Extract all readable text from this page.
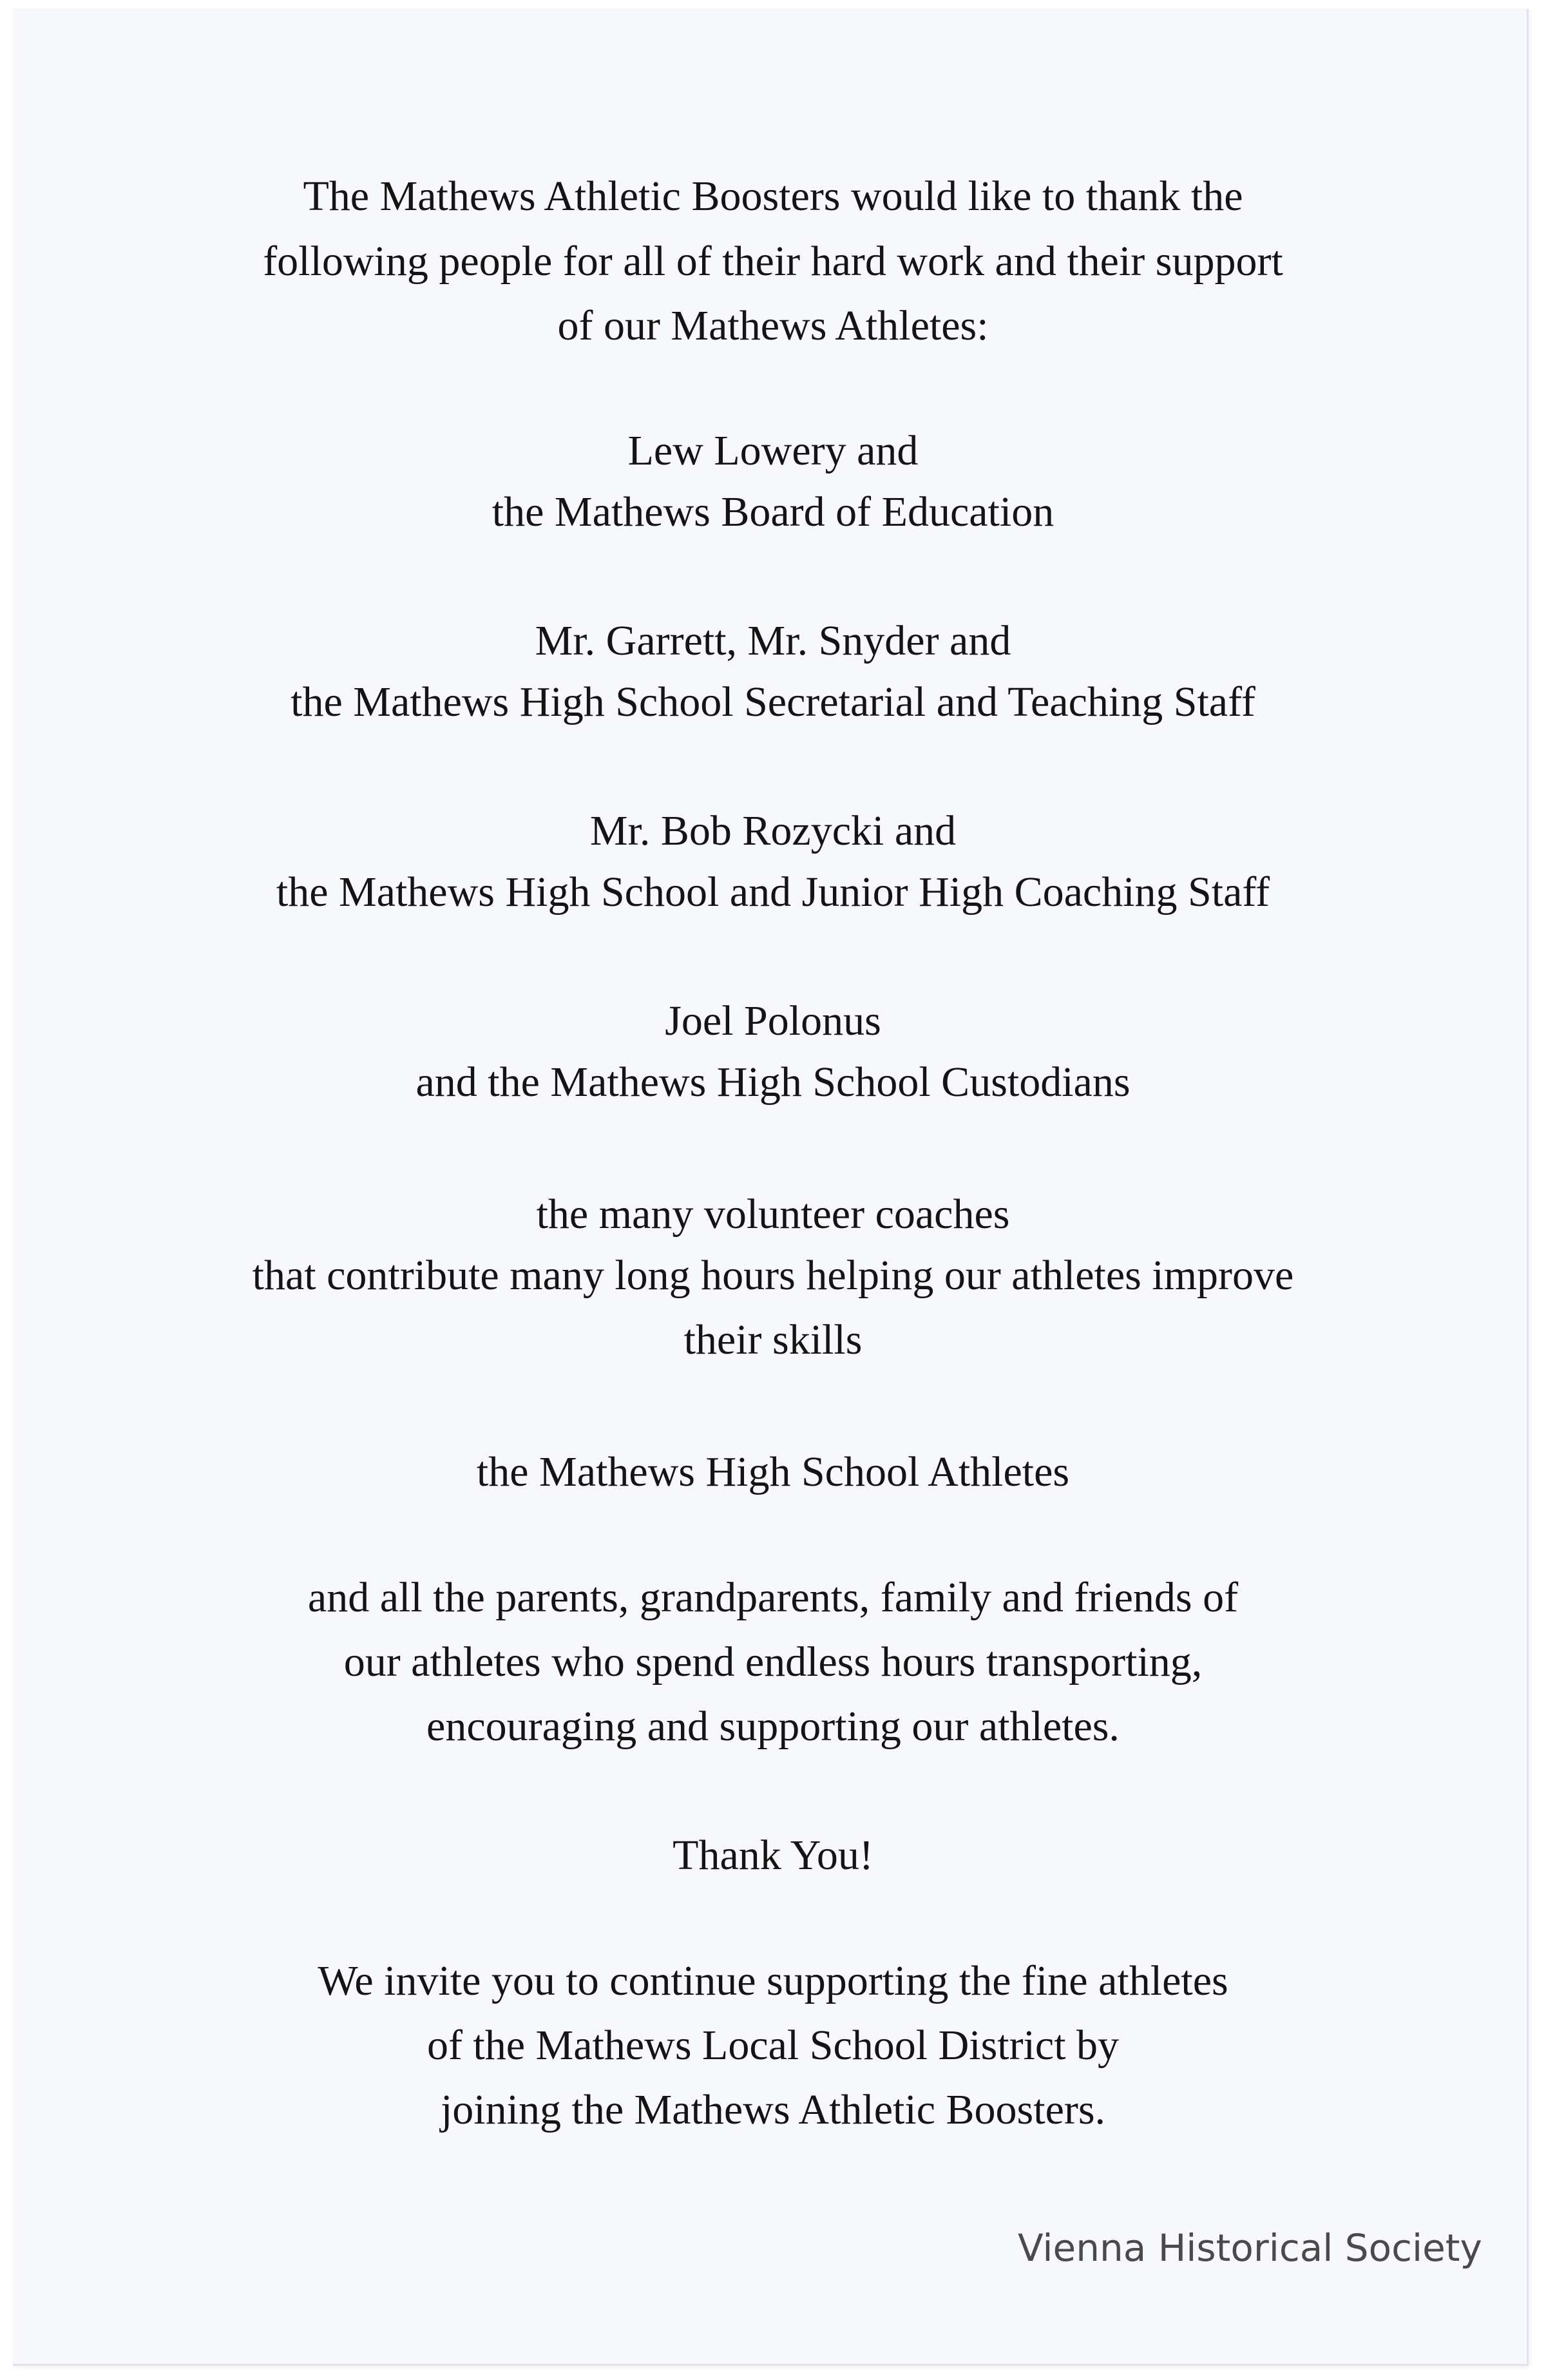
The Mathews Athletic Boosters would like to thank the
following people for all of their hard work and their support
of our Mathews Athletes:
Lew Lowery and
the Mathews Board of Education
Mr. Garrett, Mr. Snyder and
the Mathews High School Secretarial and Teaching Staff
Mr. Bob Rozycki and
the Mathews High School and Junior High Coaching Staff
Joel Polonus
and the Mathews High School Custodians
the many volunteer coaches
that contribute many long hours helping our athletes improve
their skills
the Mathews High School Athletes
and all the parents, grandparents, family and friends of
our athletes who spend endless hours transporting,
encouraging and supporting our athletes.
Thank You!
We invite you to continue supporting the fine athletes
of the Mathews Local School District by
joining the Mathews Athletic Boosters.
Vienna Historical Society
